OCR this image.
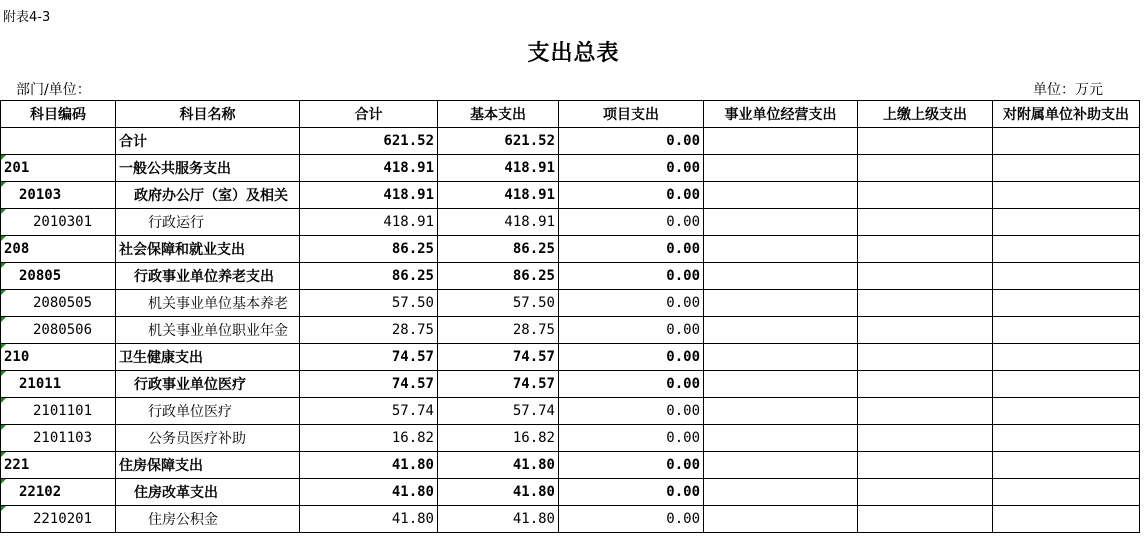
附表4-3
支出总表
部门/单位：	单位：万元
科目编码	科目名称	合计	基本支出	项目支出	事业单位经营支出	上缴上级支出	对附属单位补助支出
	合计	621.52	621.52	0.00			

201	一般公共服务支出	418.91	418.91	0.00			

20103	政府办公厅（室）及相关	418.91	418.91	0.00			

2010301	行政运行	418.91	418.91	0.00			

208	社会保障和就业支出	86.25	86.25	0.00			

20805	行政事业单位养老支出	86.25	86.25	0.00			

2080505	机关事业单位基本养老	57.50	57.50	0.00			

2080506	机关事业单位职业年金	28.75	28.75	0.00			

210	卫生健康支出	74.57	74.57	0.00			

21011	行政事业单位医疗	74.57	74.57	0.00			

2101101	行政单位医疗	57.74	57.74	0.00			

2101103	公务员医疗补助	16.82	16.82	0.00			

221	住房保障支出	41.80	41.80	0.00			

22102	住房改革支出	41.80	41.80	0.00			

2210201	住房公积金	41.80	41.80	0.00			
